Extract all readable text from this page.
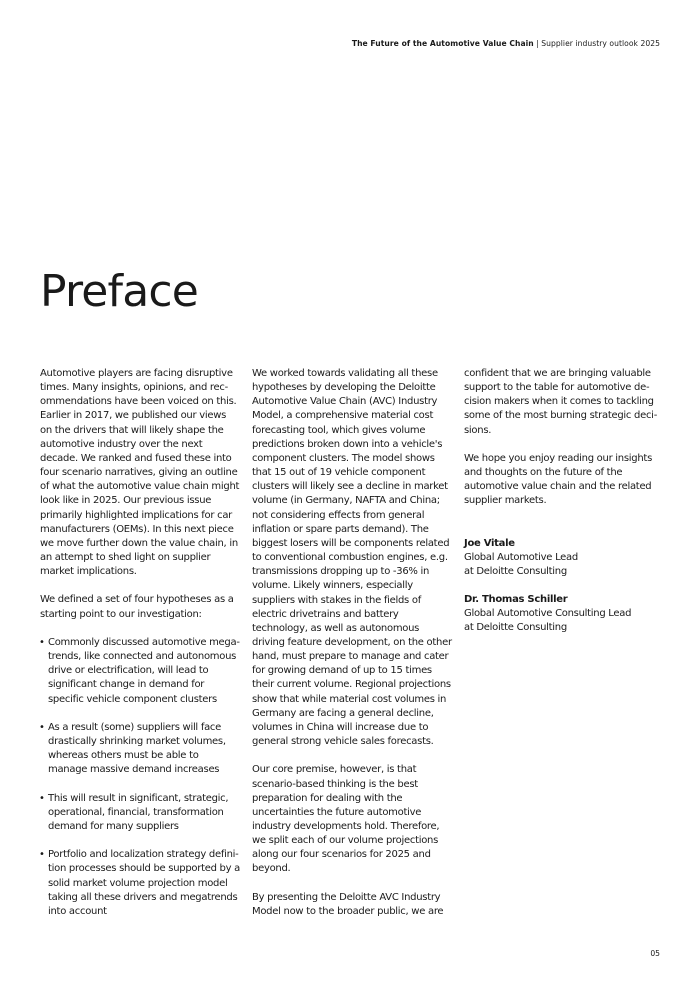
The Future of the Automotive Value Chain | Supplier industry outlook 2025
Preface

Automotive players are facing disruptive times. Many insights, opinions, and recommendations have been voiced on this. Earlier in 2017, we published our views on the drivers that will likely shape the automotive industry over the next decade. We ranked and fused these into four scenario narratives, giving an outline of what the automotive value chain might look like in 2025. Our previous issue primarily highlighted implications for car manufacturers (OEMs). In this next piece we move further down the value chain, in an attempt to shed light on supplier market implications.

We defined a set of four hypotheses as a starting point to our investigation:

• Commonly discussed automotive mega-trends, like connected and autonomous drive or electrification, will lead to significant change in demand for specific vehicle component clusters
• As a result (some) suppliers will face drastically shrinking market volumes, whereas others must be able to manage massive demand increases
• This will result in significant, strategic, operational, financial, transformation demand for many suppliers
• Portfolio and localization strategy definition processes should be supported by a solid market volume projection model taking all these drivers and megatrends into account

We worked towards validating all these hypotheses by developing the Deloitte Automotive Value Chain (AVC) Industry Model, a comprehensive material cost forecasting tool, which gives volume predictions broken down into a vehicle's component clusters. The model shows that 15 out of 19 vehicle component clusters will likely see a decline in market volume (in Germany, NAFTA and China; not considering effects from general inflation or spare parts demand). The biggest losers will be components related to conventional combustion engines, e.g. transmissions dropping up to -36% in volume. Likely winners, especially suppliers with stakes in the fields of electric drivetrains and battery technology, as well as autonomous driving feature development, on the other hand, must prepare to manage and cater for growing demand of up to 15 times their current volume. Regional projections show that while material cost volumes in Germany are facing a general decline, volumes in China will increase due to general strong vehicle sales forecasts.

Our core premise, however, is that scenario-based thinking is the best preparation for dealing with the uncertainties the future automotive industry developments hold. Therefore, we split each of our volume projections along our four scenarios for 2025 and beyond.

By presenting the Deloitte AVC Industry Model now to the broader public, we are

confident that we are bringing valuable support to the table for automotive decision makers when it comes to tackling some of the most burning strategic decisions.

We hope you enjoy reading our insights and thoughts on the future of the automotive value chain and the related supplier markets.

Joe Vitale
Global Automotive Lead
at Deloitte Consulting
Dr. Thomas Schiller
Global Automotive Consulting Lead
at Deloitte Consulting
05
